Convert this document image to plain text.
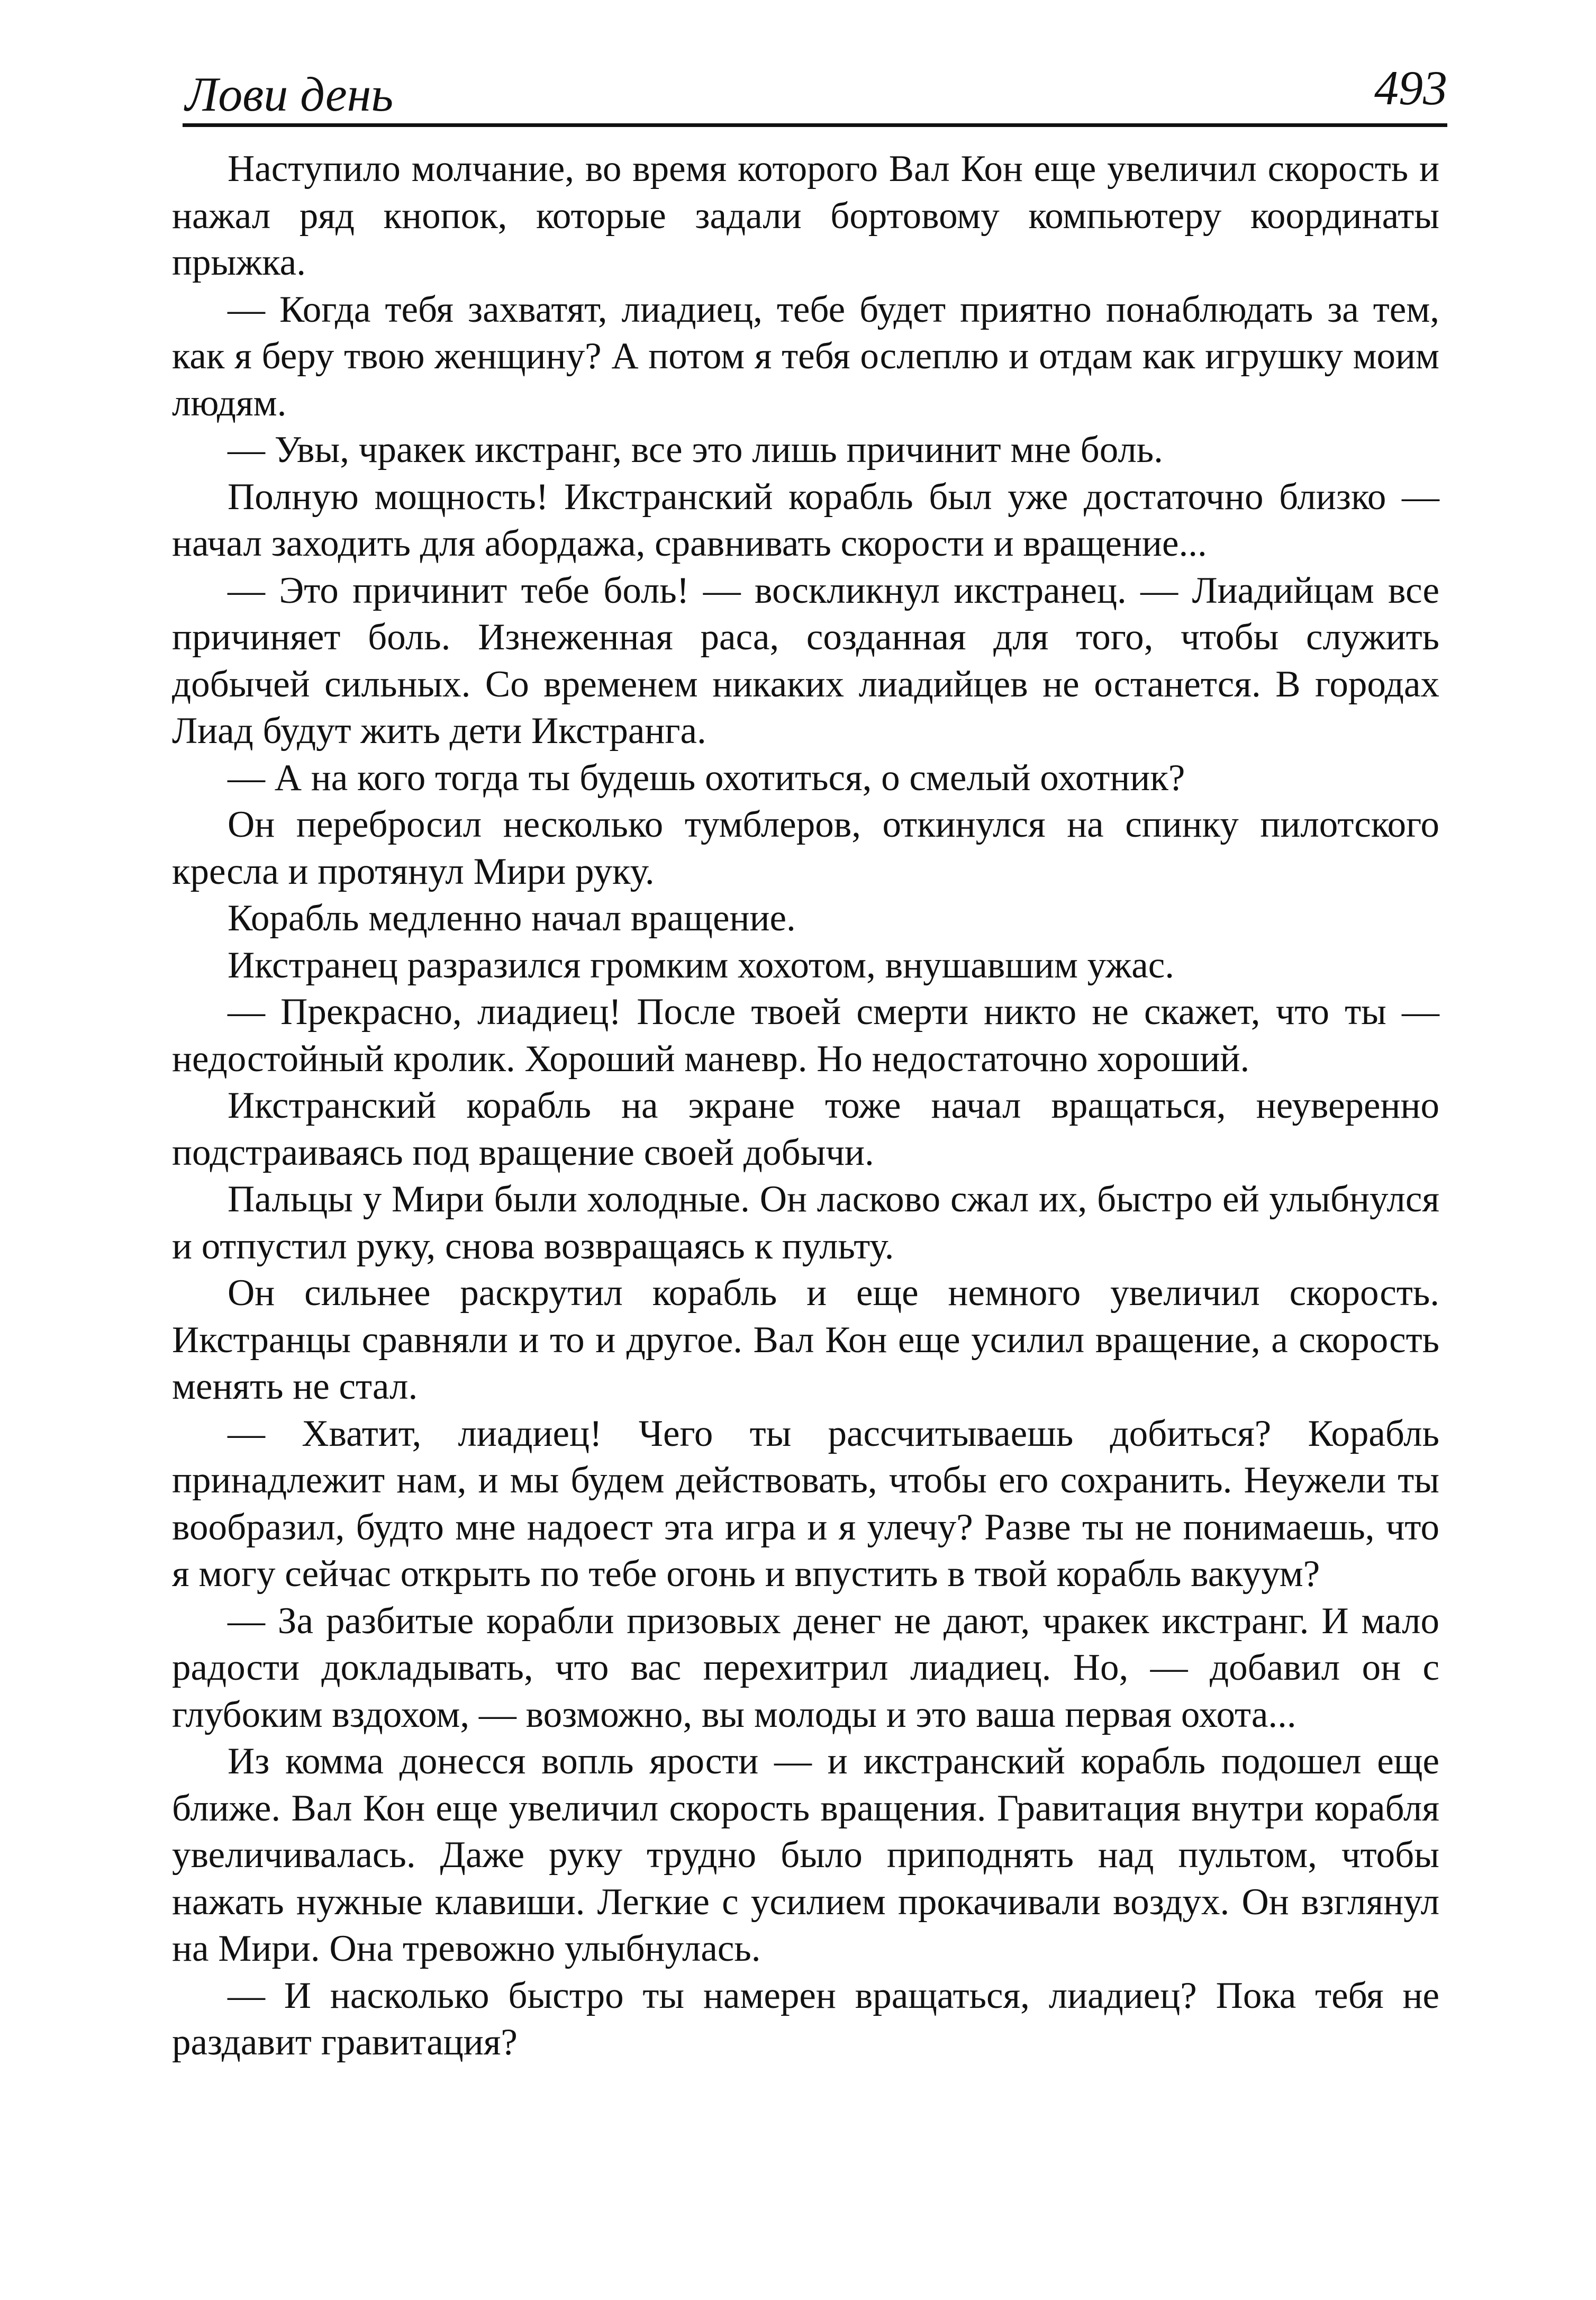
Лови день	493

Наступило молчание, во время которого Вал Кон еще увеличил скорость и нажал ряд кнопок, которые задали бортовому компьютеру координаты прыжка.

— Когда тебя захватят, лиадиец, тебе будет приятно понаблюдать за тем, как я беру твою женщину? А потом я тебя ослеплю и отдам как игрушку моим людям.

— Увы, чракек икстранг, все это лишь причинит мне боль.

Полную мощность! Икстранский корабль был уже достаточно близко — начал заходить для абордажа, сравнивать скорости и вращение...

— Это причинит тебе боль! — воскликнул икстранец. — Лиадийцам все причиняет боль. Изнеженная раса, созданная для того, чтобы служить добычей сильных. Со временем никаких лиадийцев не останется. В городах Лиад будут жить дети Икстранга.

— А на кого тогда ты будешь охотиться, о смелый охотник?

Он перебросил несколько тумблеров, откинулся на спинку пилотского кресла и протянул Мири руку.

Корабль медленно начал вращение.

Икстранец разразился громким хохотом, внушавшим ужас.

— Прекрасно, лиадиец! После твоей смерти никто не скажет, что ты — недостойный кролик. Хороший маневр. Но недостаточно хороший.

Икстранский корабль на экране тоже начал вращаться, неуверенно подстраиваясь под вращение своей добычи.

Пальцы у Мири были холодные. Он ласково сжал их, быстро ей улыбнулся и отпустил руку, снова возвращаясь к пульту.

Он сильнее раскрутил корабль и еще немного увеличил скорость. Икстранцы сравняли и то и другое. Вал Кон еще усилил вращение, а скорость менять не стал.

— Хватит, лиадиец! Чего ты рассчитываешь добиться? Корабль принадлежит нам, и мы будем действовать, чтобы его сохранить. Неужели ты вообразил, будто мне надоест эта игра и я улечу? Разве ты не понимаешь, что я могу сейчас открыть по тебе огонь и впустить в твой корабль вакуум?

— За разбитые корабли призовых денег не дают, чракек икстранг. И мало радости докладывать, что вас перехитрил лиадиец. Но, — добавил он с глубоким вздохом, — возможно, вы молоды и это ваша первая охота...

Из комма донесся вопль ярости — и икстранский корабль подошел еще ближе. Вал Кон еще увеличил скорость вращения. Гравитация внутри корабля увеличивалась. Даже руку трудно было приподнять над пультом, чтобы нажать нужные клавиши. Легкие с усилием прокачивали воздух. Он взглянул на Мири. Она тревожно улыбнулась.

— И насколько быстро ты намерен вращаться, лиадиец? Пока тебя не раздавит гравитация?
